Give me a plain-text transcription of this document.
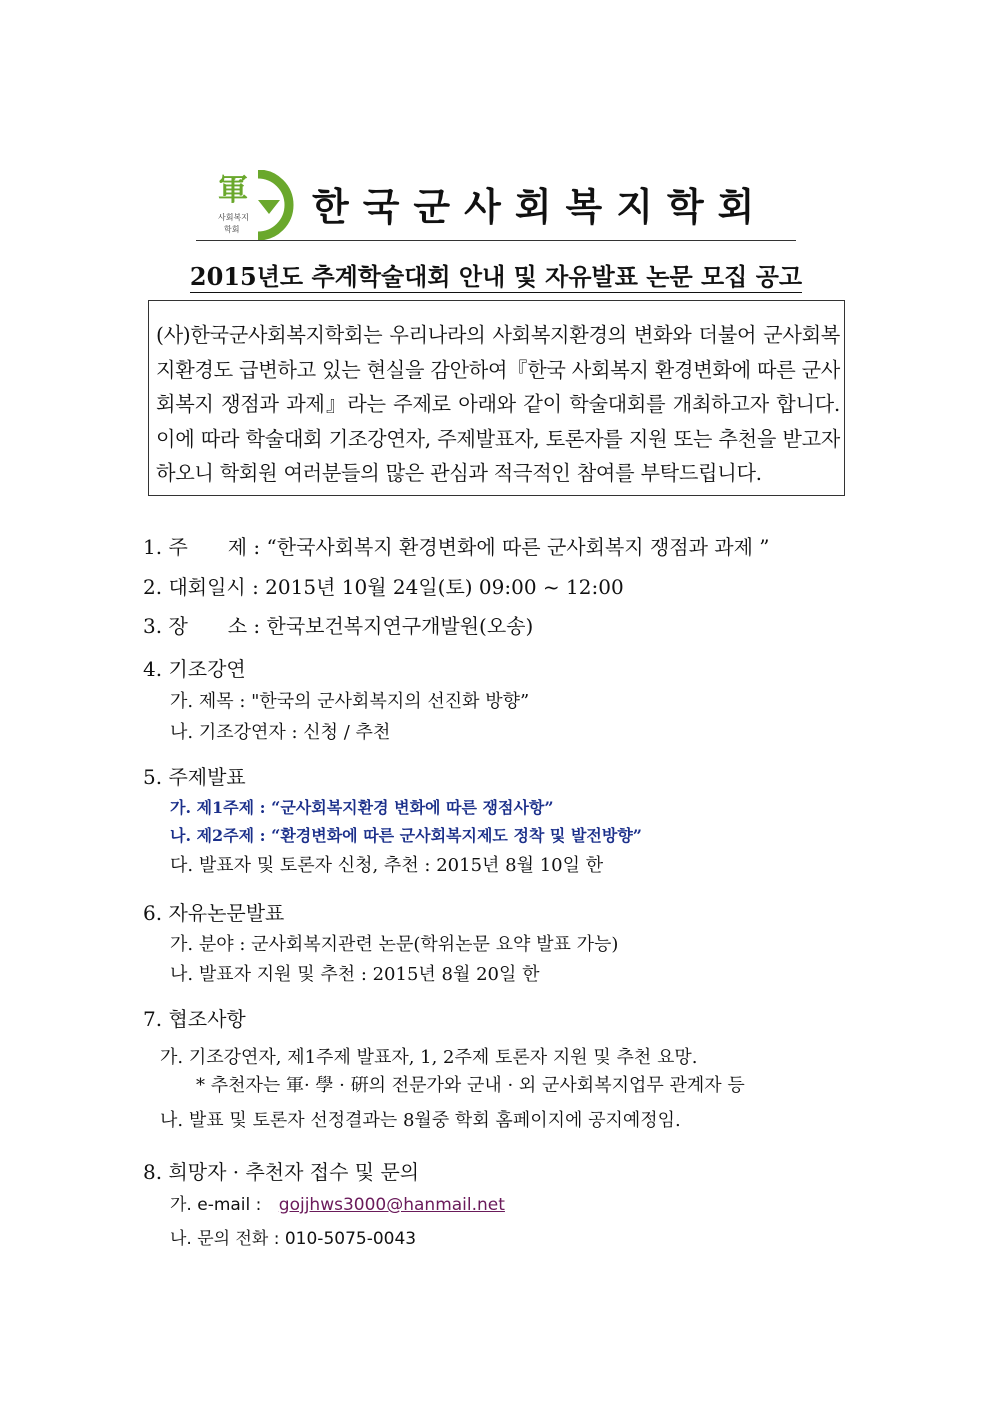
軍
사회복지
학회
한국군사회복지학회
2015년도 추계학술대회 안내 및 자유발표 논문 모집 공고
(사)한국군사회복지학회는 우리나라의 사회복지환경의 변화와 더불어 군사회복지환경도 급변하고 있는 현실을 감안하여『한국 사회복지 환경변화에 따른 군사회복지 쟁점과 과제』라는 주제로 아래와 같이 학술대회를 개최하고자 합니다. 이에 따라 학술대회 기조강연자, 주제발표자, 토론자를 지원 또는 추천을 받고자 하오니 학회원 여러분들의 많은 관심과 적극적인 참여를 부탁드립니다.
1. 주　　제 : “한국사회복지 환경변화에 따른 군사회복지 쟁점과 과제 ”
2. 대회일시 : 2015년 10월 24일(토) 09:00 ~ 12:00
3. 장　　소 : 한국보건복지연구개발원(오송)
4. 기조강연
가. 제목 : "한국의 군사회복지의 선진화 방향”
나. 기조강연자 : 신청 / 추천
5. 주제발표
가. 제1주제 : “군사회복지환경 변화에 따른 쟁점사항”
나. 제2주제 : “환경변화에 따른 군사회복지제도 정착 및 발전방향”
다. 발표자 및 토론자 신청, 추천 : 2015년 8월 10일 한
6. 자유논문발표
가. 분야 : 군사회복지관련 논문(학위논문 요약 발표 가능)
나. 발표자 지원 및 추천 : 2015년 8월 20일 한
7. 협조사항
가. 기조강연자, 제1주제 발표자, 1, 2주제 토론자 지원 및 추천 요망.
* 추천자는 軍· 學 · 硏의 전문가와 군내 · 외 군사회복지업무 관계자 등
나. 발표 및 토론자 선정결과는 8월중 학회 홈페이지에 공지예정임.
8. 희망자 · 추천자 접수 및 문의
가. e-mail : gojjhws3000@hanmail.net
나. 문의 전화 : 010-5075-0043
